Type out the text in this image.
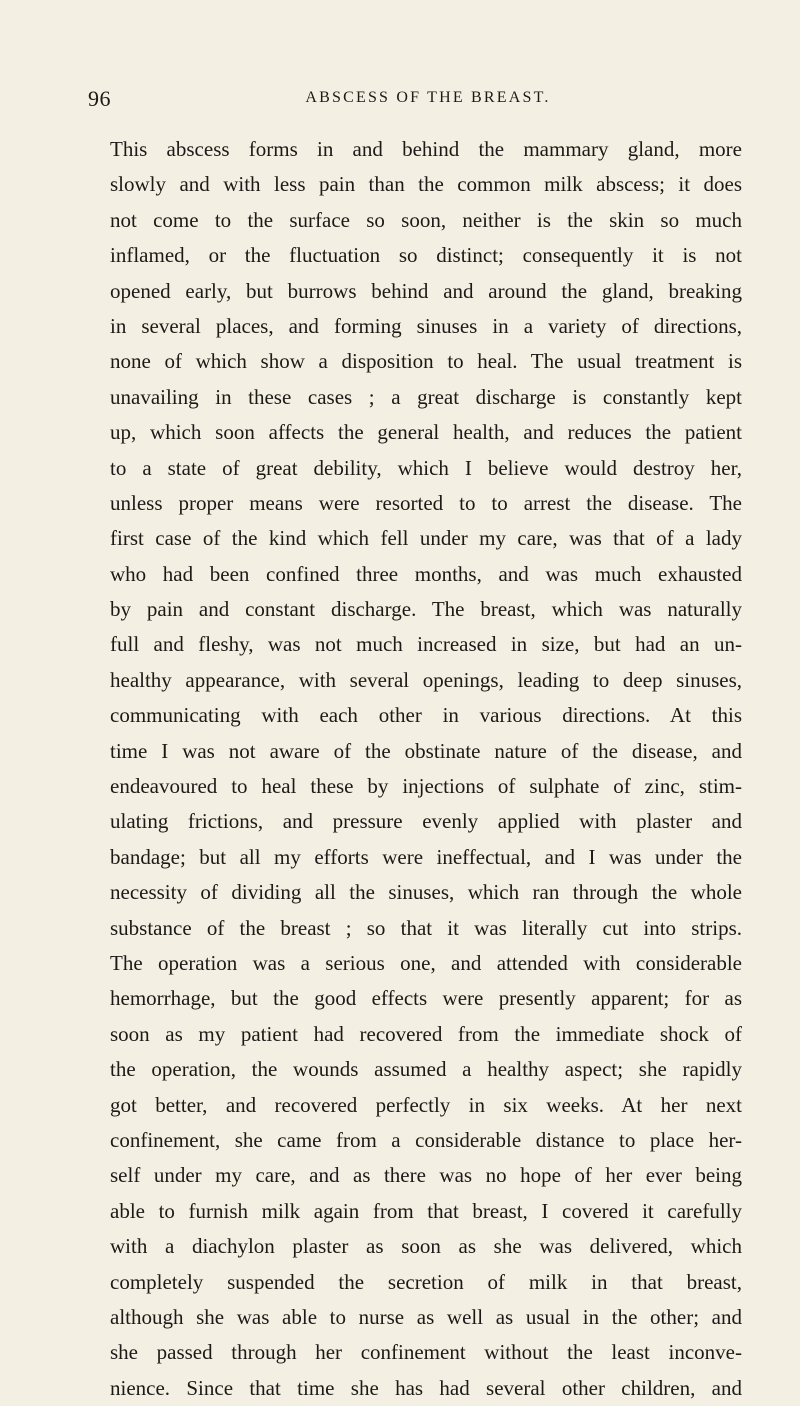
96	ABSCESS OF THE BREAST.
This abscess forms in and behind the mammary gland, more
slowly and with less pain than the common milk abscess; it does
not come to the surface so soon, neither is the skin so much
inflamed, or the fluctuation so distinct; consequently it is not
opened early, but burrows behind and around the gland, breaking
in several places, and forming sinuses in a variety of directions,
none of which show a disposition to heal. The usual treatment is
unavailing in these cases ; a great discharge is constantly kept
up, which soon affects the general health, and reduces the patient
to a state of great debility, which I believe would destroy her,
unless proper means were resorted to to arrest the disease. The
first case of the kind which fell under my care, was that of a lady
who had been confined three months, and was much exhausted
by pain and constant discharge. The breast, which was naturally
full and fleshy, was not much increased in size, but had an un-
healthy appearance, with several openings, leading to deep sinuses,
communicating with each other in various directions. At this
time I was not aware of the obstinate nature of the disease, and
endeavoured to heal these by injections of sulphate of zinc, stim-
ulating frictions, and pressure evenly applied with plaster and
bandage; but all my efforts were ineffectual, and I was under the
necessity of dividing all the sinuses, which ran through the whole
substance of the breast ; so that it was literally cut into strips.
The operation was a serious one, and attended with considerable
hemorrhage, but the good effects were presently apparent; for as
soon as my patient had recovered from the immediate shock of
the operation, the wounds assumed a healthy aspect; she rapidly
got better, and recovered perfectly in six weeks. At her next
confinement, she came from a considerable distance to place her-
self under my care, and as there was no hope of her ever being
able to furnish milk again from that breast, I covered it carefully
with a diachylon plaster as soon as she was delivered, which
completely suspended the secretion of milk in that breast,
although she was able to nurse as well as usual in the other; and
she passed through her confinement without the least inconve-
nience. Since that time she has had several other children, and
